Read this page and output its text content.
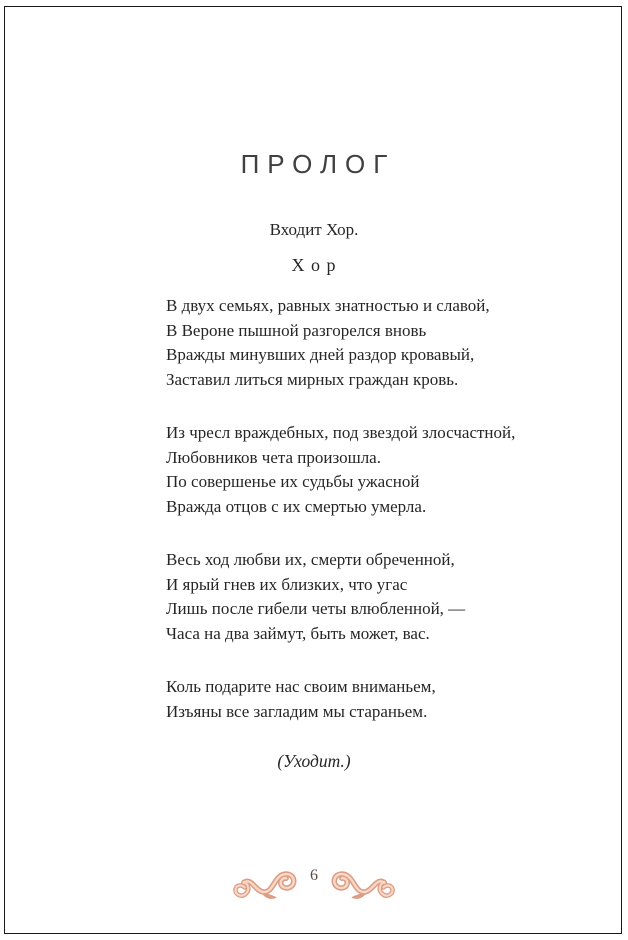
ПРОЛОГ

Входит Хор.

Х о р

В двух семьях, равных знатностью и славой,

В Вероне пышной разгорелся вновь

Вражды минувших дней раздор кровавый,

Заставил литься мирных граждан кровь.

Из чресл враждебных, под звездой злосчастной,

Любовников чета произошла.

По совершенье их судьбы ужасной

Вражда отцов с их смертью умерла.

Весь ход любви их, смерти обреченной,

И ярый гнев их близких, что угас

Лишь после гибели четы влюбленной, —

Часа на два займут, быть может, вас.

Коль подарите нас своим вниманьем,

Изъяны все загладим мы стараньем.

(Уходит.)

6
